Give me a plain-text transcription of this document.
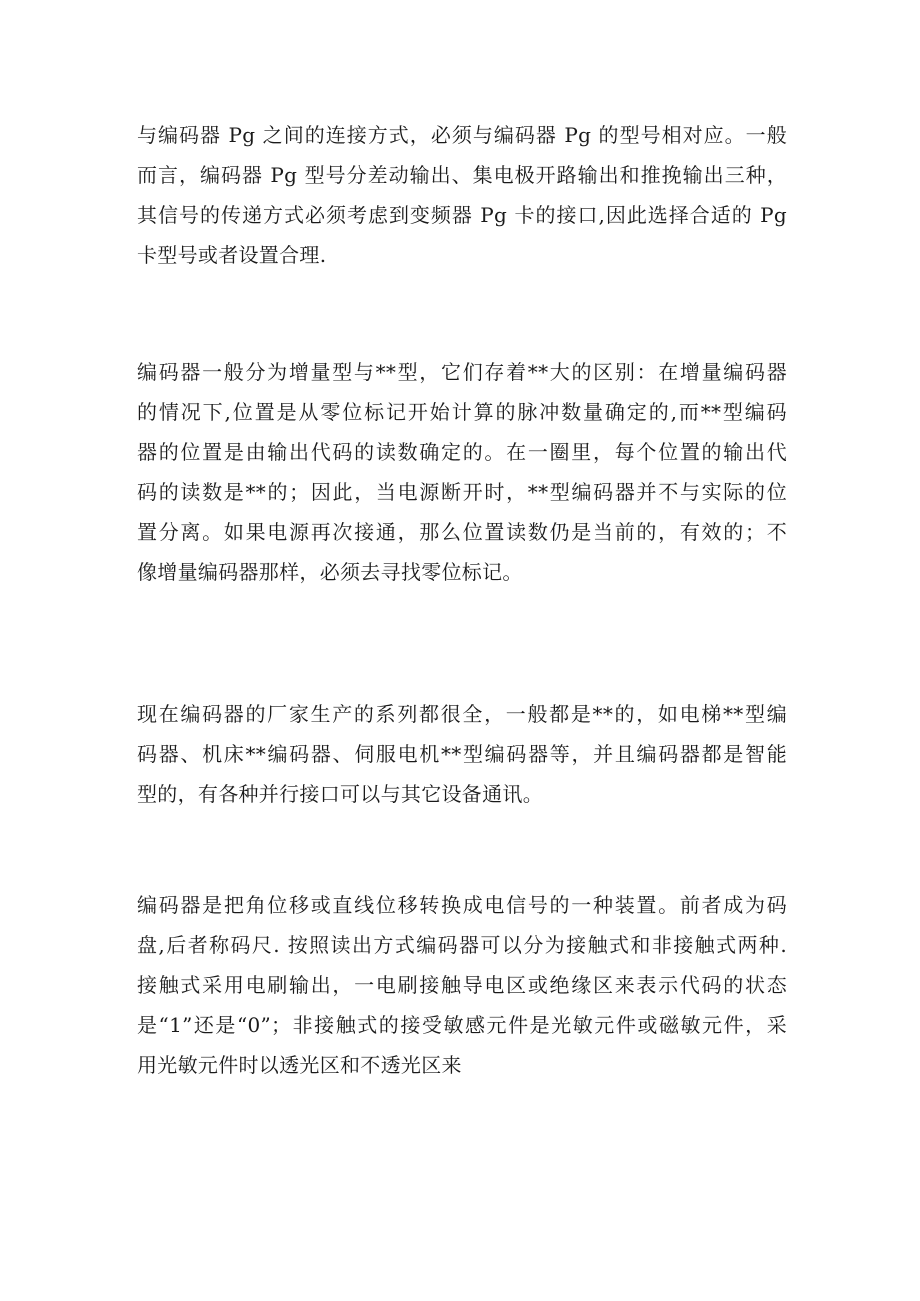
与编码器 Pg 之间的连接方式，必须与编码器 Pg 的型号相对应。一般
而言，编码器 Pg 型号分差动输出、集电极开路输出和推挽输出三种，
其信号的传递方式必须考虑到变频器 Pg 卡的接口,因此选择合适的 Pg
卡型号或者设置合理.

编码器一般分为增量型与**型，它们存着**大的区别：在增量编码器
的情况下,位置是从零位标记开始计算的脉冲数量确定的,而**型编码
器的位置是由输出代码的读数确定的。在一圈里，每个位置的输出代
码的读数是**的；因此，当电源断开时，**型编码器并不与实际的位
置分离。如果电源再次接通，那么位置读数仍是当前的，有效的；不
像增量编码器那样，必须去寻找零位标记。

现在编码器的厂家生产的系列都很全，一般都是**的，如电梯**型编
码器、机床**编码器、伺服电机**型编码器等，并且编码器都是智能
型的，有各种并行接口可以与其它设备通讯。

编码器是把角位移或直线位移转换成电信号的一种装置。前者成为码
盘,后者称码尺. 按照读出方式编码器可以分为接触式和非接触式两种.
接触式采用电刷输出，一电刷接触导电区或绝缘区来表示代码的状态
是“1”还是“0”；非接触式的接受敏感元件是光敏元件或磁敏元件，采
用光敏元件时以透光区和不透光区来
